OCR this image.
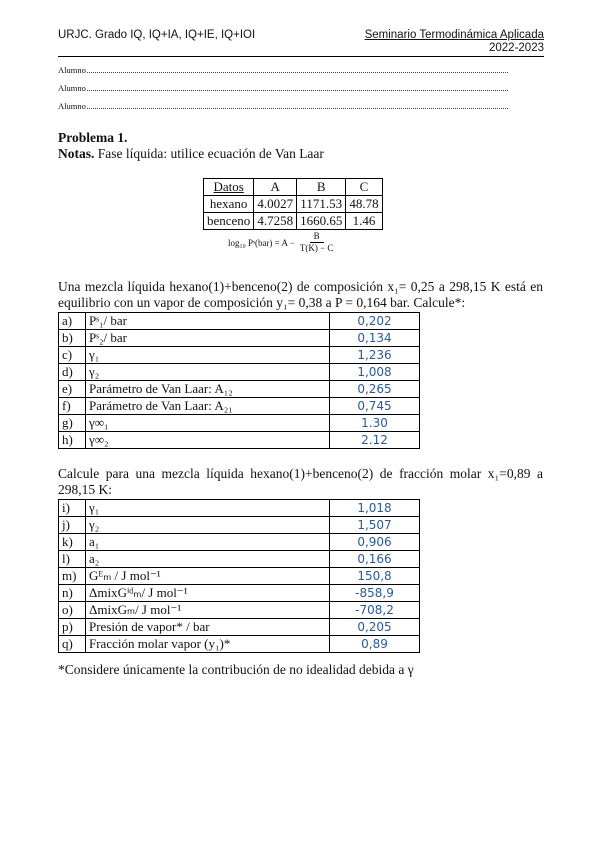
URJC. Grado IQ, IQ+IA, IQ+IE, IQ+IOI	Seminario Termodinámica Aplicada
2022-2023
Alumno
Alumno
Alumno
Problema 1.
Notas. Fase líquida: utilice ecuación de Van Laar
Datos	A	B	C
hexano	4.0027	1171.53	48.78
benceno	4.7258	1660.65	1.46
log₁₀ Pˢ(bar) = $A - \frac{B}{T(K) - C}$
Una mezcla líquida hexano(1)+benceno(2) de composición x₁= 0,25 a 298,15 K está en equilibrio con un vapor de composición y₁= 0,38 a P = 0,164 bar. Calcule*:
a)	Pˢ₁/ bar	0,202
b)	Pˢ₂/ bar	0,134
c)	γ₁	1,236
d)	γ₂	1,008
e)	Parámetro de Van Laar: A₁₂	0,265
f)	Parámetro de Van Laar: A₂₁	0,745
g)	γ∞₁	1.30
h)	γ∞₂	2.12
Calcule para una mezcla líquida hexano(1)+benceno(2) de fracción molar x₁=0,89 a 298,15 K:
i)	γ₁	1,018
j)	γ₂	1,507
k)	a₁	0,906
l)	a₂	0,166
m)	Gᴱₘ / J mol⁻¹	150,8
n)	ΔmixGⁱᵈₘ/ J mol⁻¹	-858,9
o)	ΔmixGₘ/ J mol⁻¹	-708,2
p)	Presión de vapor* / bar	0,205
q)	Fracción molar vapor (y₁)*	0,89
*Considere únicamente la contribución de no idealidad debida a γ
